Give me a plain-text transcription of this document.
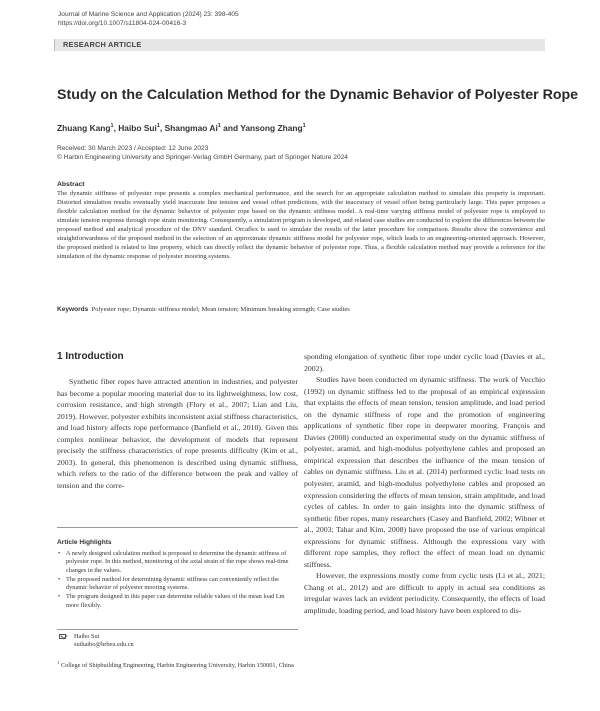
Journal of Marine Science and Application (2024) 23: 398-405
https://doi.org/10.1007/s11804-024-00416-3
RESEARCH ARTICLE
Study on the Calculation Method for the Dynamic Behavior of Polyester Rope
Zhuang Kang$^1$, Haibo Sui$^1$, Shangmao Ai$^1$ and Yansong Zhang$^1$
Received: 30 March 2023 / Accepted: 12 June 2023
© Harbin Engineering University and Springer-Verlag GmbH Germany, part of Springer Nature 2024
Abstract
The dynamic stiffness of polyester rope presents a complex mechanical performance, and the search for an appropriate calculation method to simulate this property is important. Distorted simulation results eventually yield inaccurate line tension and vessel offset predictions, with the inaccuracy of vessel offset being particularly large. This paper proposes a flexible calculation method for the dynamic behavior of polyester rope based on the dynamic stiffness model. A real-time varying stiffness model of polyester rope is employed to simulate tension response through rope strain monitoring. Consequently, a simulation program is developed, and related case studies are conducted to explore the differences between the proposed method and analytical procedure of the DNV standard. Orcaflex is used to simulate the results of the latter procedure for comparison. Results show the convenience and straightforwardness of the proposed method in the selection of an approximate dynamic stiffness model for polyester rope, which leads to an engineering-oriented approach. However, the proposed method is related to line property, which can directly reflect the dynamic behavior of polyester rope. Thus, a flexible calculation method may provide a reference for the simulation of the dynamic response of polyester mooring systems.
Keywords Polyester rope; Dynamic stiffness model; Mean tension; Minimum breaking strength; Case studies
1 Introduction

Synthetic fiber ropes have attracted attention in industries, and polyester has become a popular mooring material due to its lightweightness, low cost, corrosion resistance, and high strength (Flory et al., 2007; Lian and Liu, 2019). However, polyester exhibits inconsistent axial stiffness characteristics, and load history affects rope performance (Banfield et al., 2010). Given this complex nonlinear behavior, the development of models that represent precisely the stiffness characteristics of rope presents difficulty (Kim et al., 2003). In general, this phenomenon is described using dynamic stiffness, which refers to the ratio of the difference between the peak and valley of tension and the corre-

sponding elongation of synthetic fiber rope under cyclic load (Davies et al., 2002).

Studies have been conducted on dynamic stiffness. The work of Vecchio (1992) on dynamic stiffness led to the proposal of an empirical expression that explains the effects of mean tension, tension amplitude, and load period on the dynamic stiffness of rope and the promotion of engineering applications of synthetic fiber rope in deepwater mooring. François and Davies (2008) conducted an experimental study on the dynamic stiffness of polyester, aramid, and high-modulus polyethylene cables and proposed an empirical expression that describes the influence of the mean tension of cables on dynamic stiffness. Liu et al. (2014) performed cyclic load tests on polyester, aramid, and high-modulus polyethylene cables and proposed an expression considering the effects of mean tension, strain amplitude, and load cycles of cables. In order to gain insights into the dynamic stiffness of synthetic fiber ropes, many researchers (Casey and Banfield, 2002; Wibner et al., 2003; Tahar and Kim, 2008) have proposed the use of various empirical expressions for dynamic stiffness. Although the expressions vary with different rope samples, they reflect the effect of mean load on dynamic stiffness.

However, the expressions mostly come from cyclic tests (Li et al., 2021; Chang et al., 2012) and are difficult to apply in actual sea conditions as irregular waves lack an evident periodicity. Consequently, the effects of load amplitude, loading period, and load history have been explored to dis-

Article Highlights
• A newly designed calculation method is proposed to determine the dynamic stiffness of polyester rope. In this method, monitoring of the axial strain of the rope shows real-time changes in the values.
• The proposed method for determining dynamic stiffness can conveniently reflect the dynamic behavior of polyester mooring systems.
• The program designed in this paper can determine reliable values of the mean load Lm more flexibly.
Haibo Sui
suihaibo@hrbeu.edu.cn
$^1$ College of Shipbuilding Engineering, Harbin Engineering University, Harbin 150001, China
